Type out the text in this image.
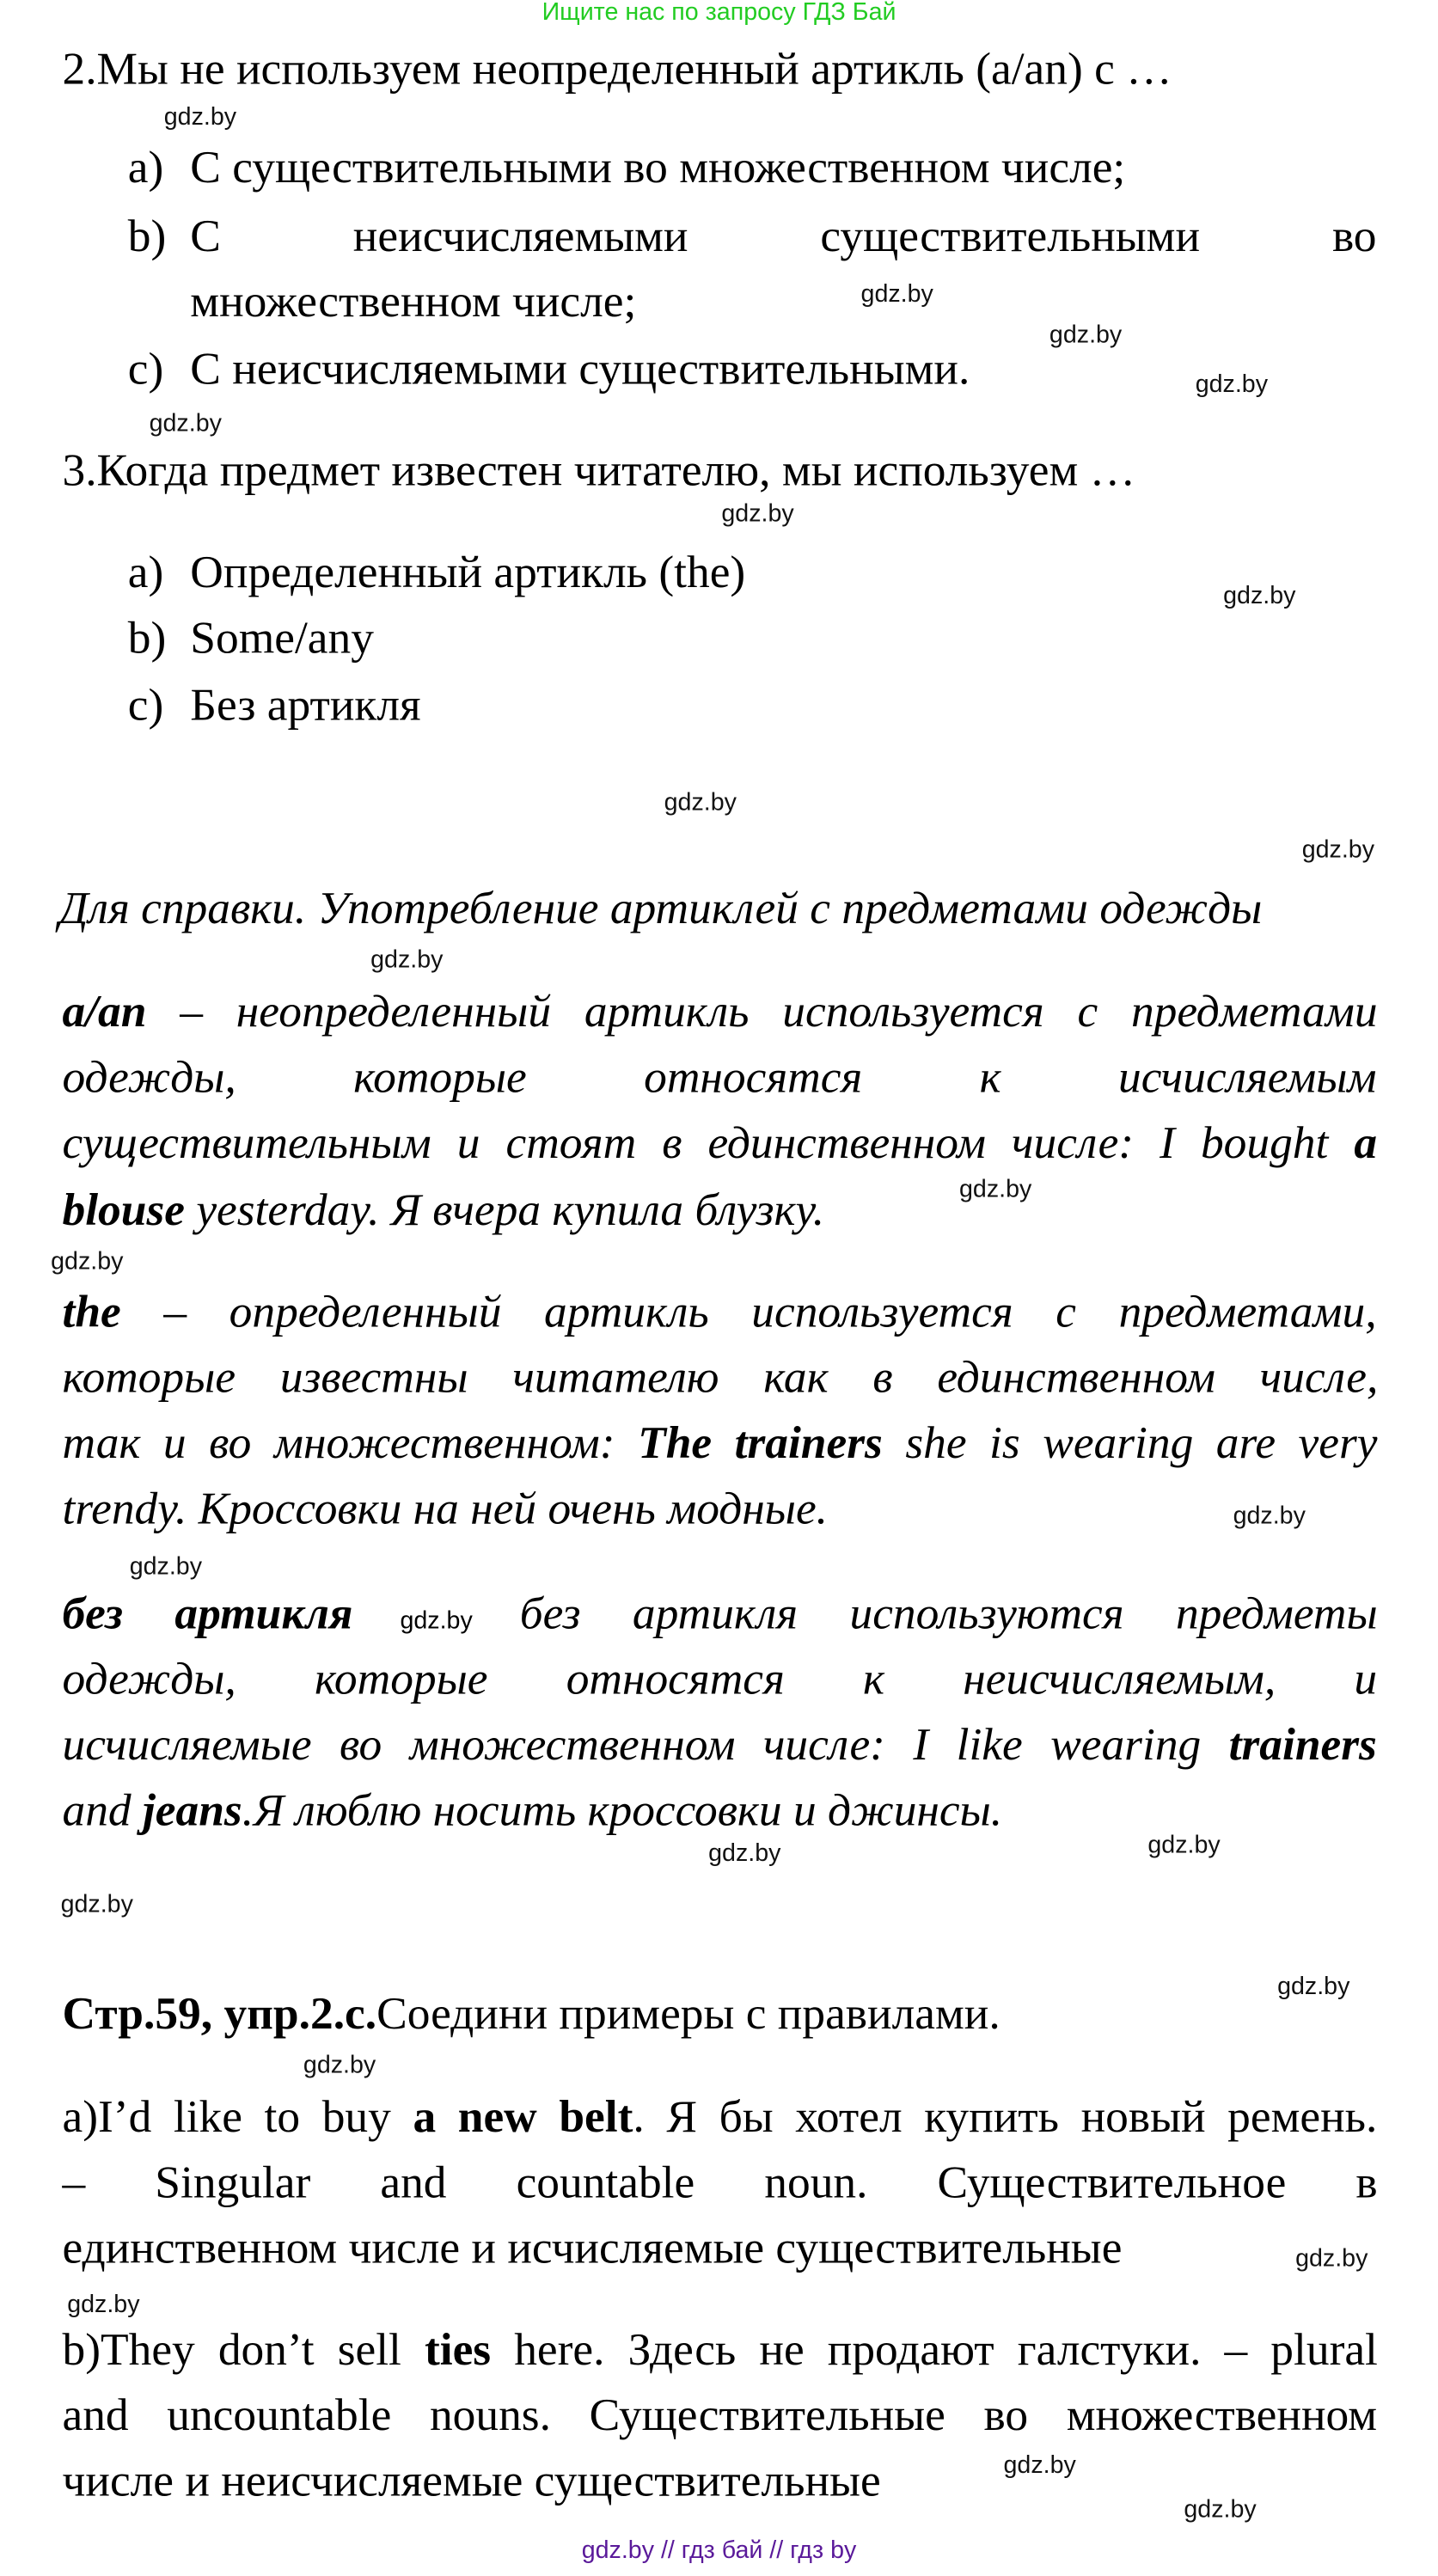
Ищите нас по запросу ГДЗ Бай
2.Мы не используем неопределенный артикль (a/an) с …
a) С существительными во множественном числе;
b) С неисчисляемыми существительными во
множественном числе;
c) С неисчисляемыми существительными.
3.Когда предмет известен читателю, мы используем …
a) Определенный артикль (the)
b) Some/any
c) Без артикля
Для справки. Употребление артиклей с предметами одежды
a/an – неопределенный артикль используется с предметами
одежды, которые относятся к исчисляемым
существительным и стоят в единственном числе: I bought a
blouse yesterday. Я вчера купила блузку.
the – определенный артикль используется с предметами,
которые известны читателю как в единственном числе,
так и во множественном: The trainers she is wearing are very
trendy. Кроссовки на ней очень модные.
без артикля gdz.by без артикля используются предметы
одежды, которые относятся к неисчисляемым, и
исчисляемые во множественном числе: I like wearing trainers
and jeans.Я люблю носить кроссовки и джинсы.
Стр.59, упр.2.с.Соедини примеры с правилами.
a)I’d like to buy a new belt. Я бы хотел купить новый ремень.
– Singular and countable noun. Существительное в
единственном числе и исчисляемые существительные
b)They don’t sell ties here. Здесь не продают галстуки. – plural
and uncountable nouns. Существительные во множественном
числе и неисчисляемые существительные
gdz.by
gdz.by
gdz.by
gdz.by
gdz.by
gdz.by
gdz.by
gdz.by
gdz.by
gdz.by
gdz.by
gdz.by
gdz.by
gdz.by
gdz.by
gdz.by
gdz.by
gdz.by
gdz.by
gdz.by
gdz.by
gdz.by
gdz.by
gdz.by // гдз бай // гдз by
